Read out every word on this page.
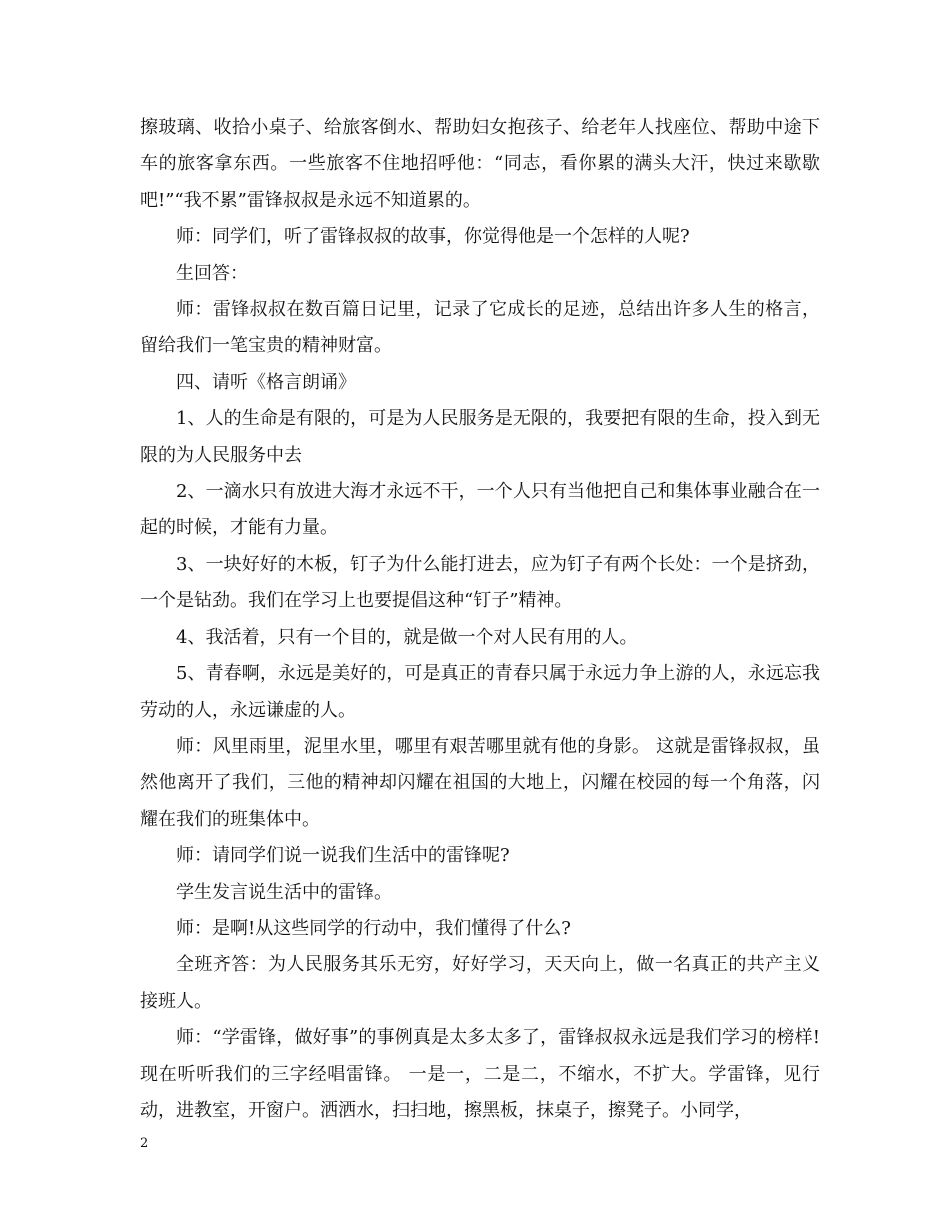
擦玻璃、收拾小桌子、给旅客倒水、帮助妇女抱孩子、给老年人找座位、帮助中途下车的旅客拿东西。一些旅客不住地招呼他：“同志，看你累的满头大汗，快过来歇歇吧!”“我不累”雷锋叔叔是永远不知道累的。

师：同学们，听了雷锋叔叔的故事，你觉得他是一个怎样的人呢?

生回答：

师：雷锋叔叔在数百篇日记里，记录了它成长的足迹，总结出许多人生的格言，留给我们一笔宝贵的精神财富。

四、请听《格言朗诵》

1、人的生命是有限的，可是为人民服务是无限的，我要把有限的生命，投入到无限的为人民服务中去

2、一滴水只有放进大海才永远不干，一个人只有当他把自己和集体事业融合在一起的时候，才能有力量。

3、一块好好的木板，钉子为什么能打进去，应为钉子有两个长处：一个是挤劲，一个是钻劲。我们在学习上也要提倡这种“钉子”精神。

4、我活着，只有一个目的，就是做一个对人民有用的人。

5、青春啊，永远是美好的，可是真正的青春只属于永远力争上游的人，永远忘我劳动的人，永远谦虚的人。

师：风里雨里，泥里水里，哪里有艰苦哪里就有他的身影。 这就是雷锋叔叔，虽然他离开了我们，三他的精神却闪耀在祖国的大地上，闪耀在校园的每一个角落，闪耀在我们的班集体中。

师：请同学们说一说我们生活中的雷锋呢?

学生发言说生活中的雷锋。

师：是啊!从这些同学的行动中，我们懂得了什么?

全班齐答：为人民服务其乐无穷，好好学习，天天向上，做一名真正的共产主义接班人。

师：“学雷锋，做好事”的事例真是太多太多了，雷锋叔叔永远是我们学习的榜样!现在听听我们的三字经唱雷锋。 一是一，二是二，不缩水，不扩大。学雷锋，见行动，进教室，开窗户。洒洒水，扫扫地，擦黑板，抹桌子，擦凳子。小同学，

2
